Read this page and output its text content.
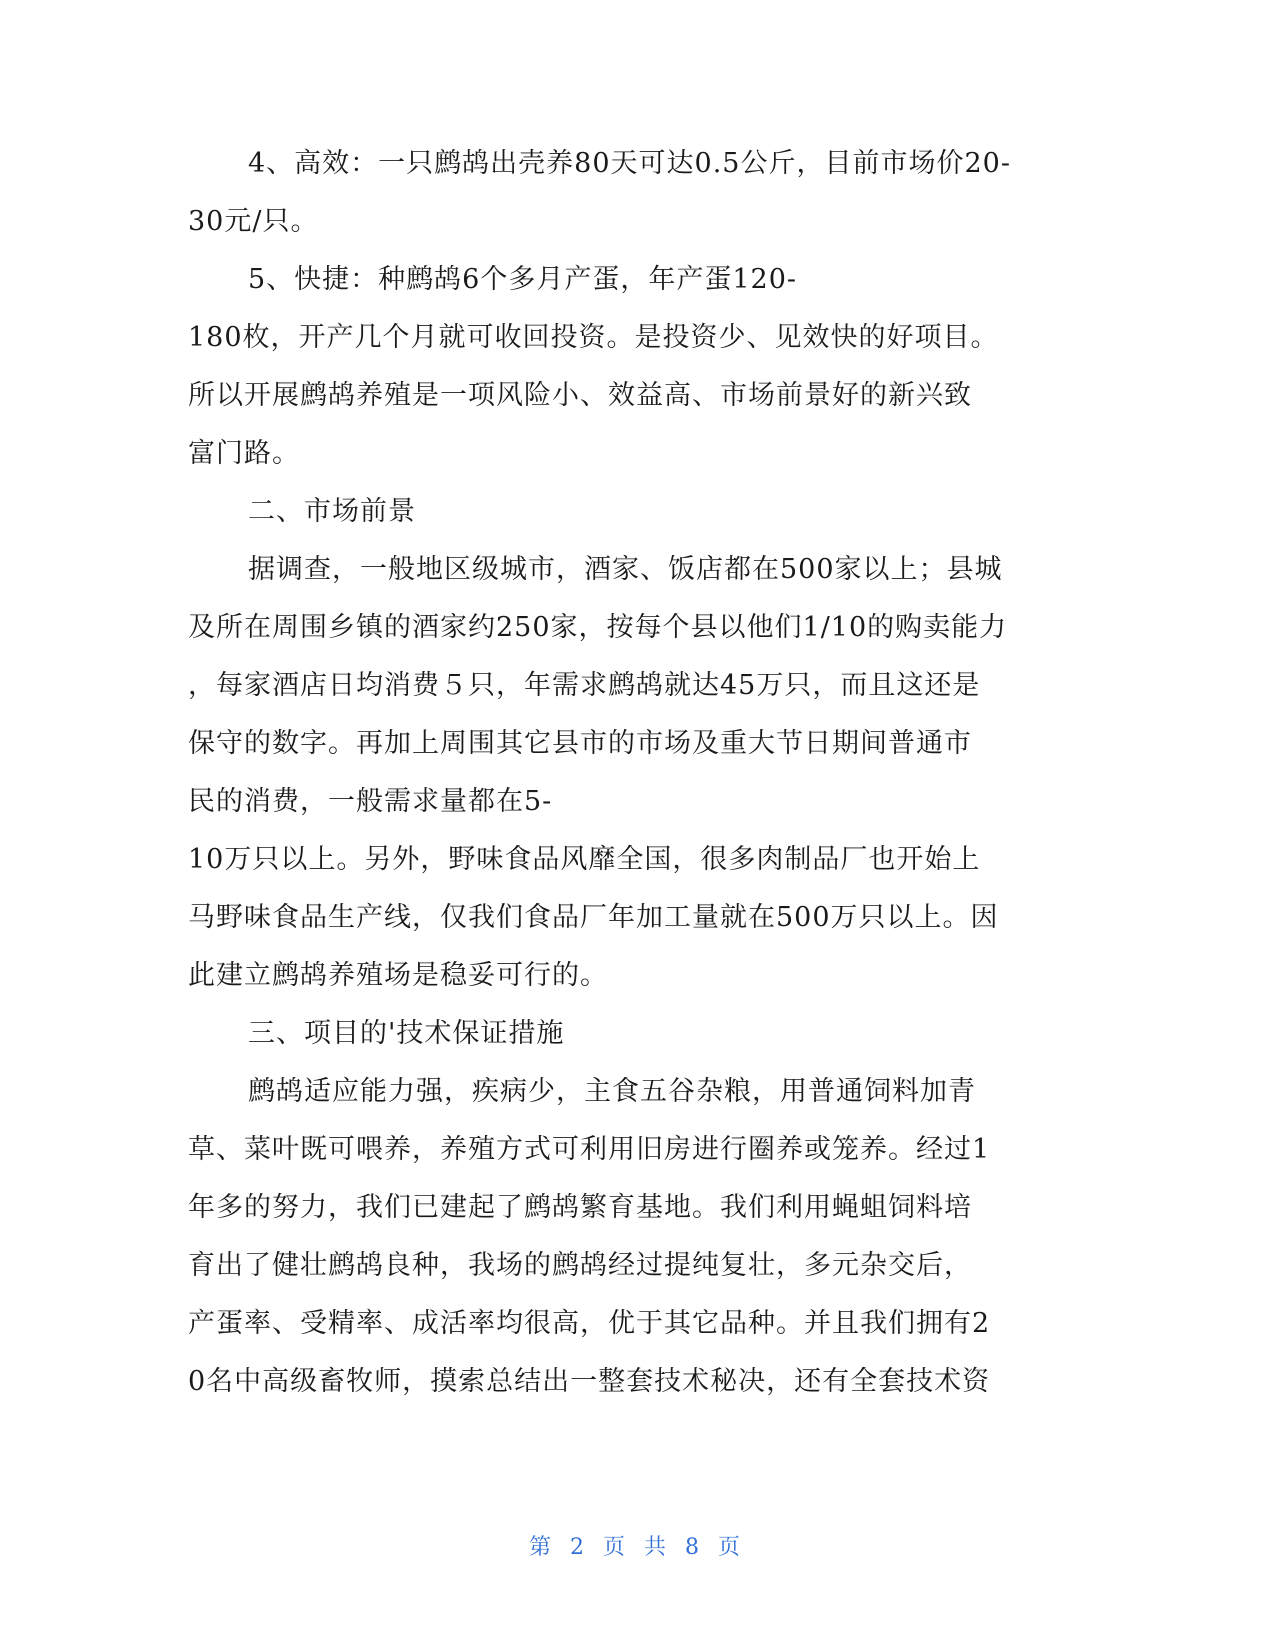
4、高效：一只鹧鸪出壳养80天可达0.5公斤，目前市场价20-
30元/只。
5、快捷：种鹧鸪6个多月产蛋，年产蛋120-
180枚，开产几个月就可收回投资。是投资少、见效快的好项目。
所以开展鹧鸪养殖是一项风险小、效益高、市场前景好的新兴致
富门路。
二、市场前景
据调查，一般地区级城市，酒家、饭店都在500家以上；县城
及所在周围乡镇的酒家约250家，按每个县以他们1/10的购卖能力
，每家酒店日均消费５只，年需求鹧鸪就达45万只，而且这还是
保守的数字。再加上周围其它县市的市场及重大节日期间普通市
民的消费，一般需求量都在5-
10万只以上。另外，野味食品风靡全国，很多肉制品厂也开始上
马野味食品生产线，仅我们食品厂年加工量就在500万只以上。因
此建立鹧鸪养殖场是稳妥可行的。
三、项目的'技术保证措施
鹧鸪适应能力强，疾病少，主食五谷杂粮，用普通饲料加青
草、菜叶既可喂养，养殖方式可利用旧房进行圈养或笼养。经过1
年多的努力，我们已建起了鹧鸪繁育基地。我们利用蝇蛆饲料培
育出了健壮鹧鸪良种，我场的鹧鸪经过提纯复壮，多元杂交后，
产蛋率、受精率、成活率均很高，优于其它品种。并且我们拥有2
0名中高级畜牧师，摸索总结出一整套技术秘决，还有全套技术资
第 2 页 共 8 页
